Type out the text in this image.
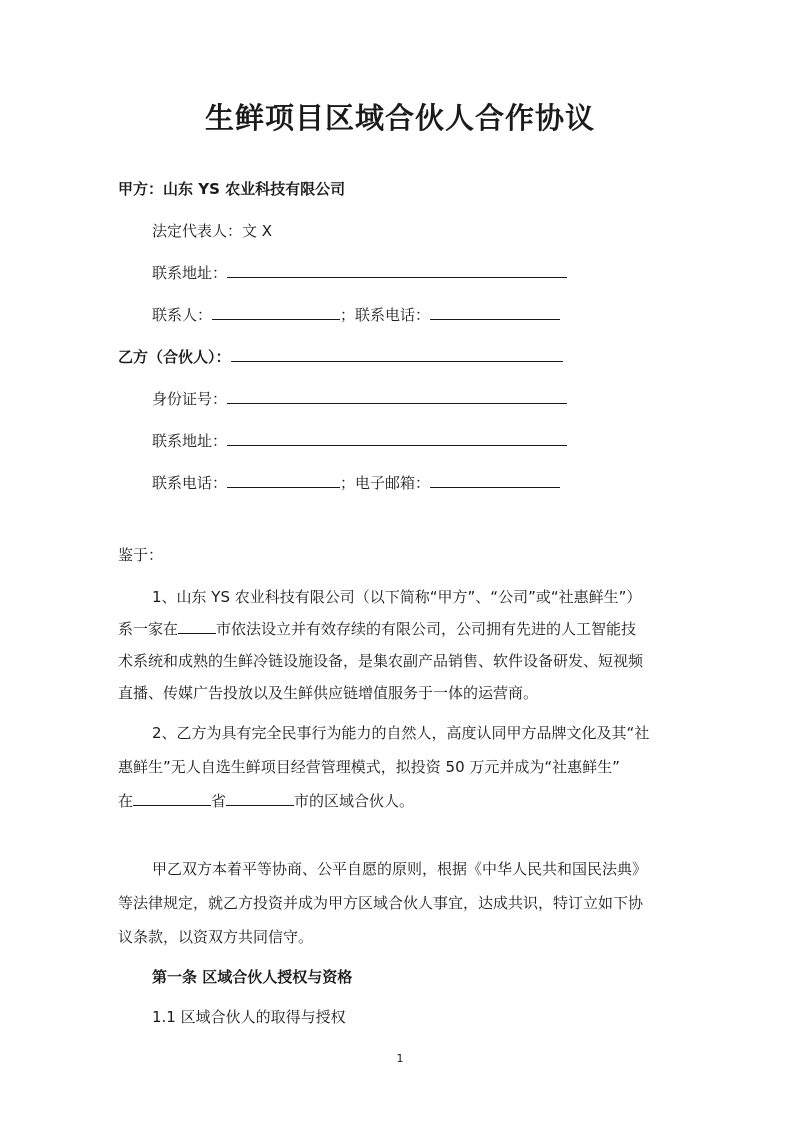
生鲜项目区域合伙人合作协议
甲方：山东 YS 农业科技有限公司
法定代表人：文 X
联系地址：
联系人：	；联系电话：
乙方（合伙人）：
身份证号：
联系地址：
联系电话：	；电子邮箱：
鉴于：
1、山东 YS 农业科技有限公司（以下简称“甲方”、“公司”或“社惠鲜生”）
系一家在	市依法设立并有效存续的有限公司，公司拥有先进的人工智能技
术系统和成熟的生鲜冷链设施设备，是集农副产品销售、软件设备研发、短视频
直播、传媒广告投放以及生鲜供应链增值服务于一体的运营商。
2、乙方为具有完全民事行为能力的自然人，高度认同甲方品牌文化及其“社
惠鲜生”无人自选生鲜项目经营管理模式，拟投资 50 万元并成为“社惠鲜生”
在	省	市的区域合伙人。
甲乙双方本着平等协商、公平自愿的原则，根据《中华人民共和国民法典》
等法律规定，就乙方投资并成为甲方区域合伙人事宜，达成共识，特订立如下协
议条款，以资双方共同信守。
第一条 区域合伙人授权与资格
1.1 区域合伙人的取得与授权
1
